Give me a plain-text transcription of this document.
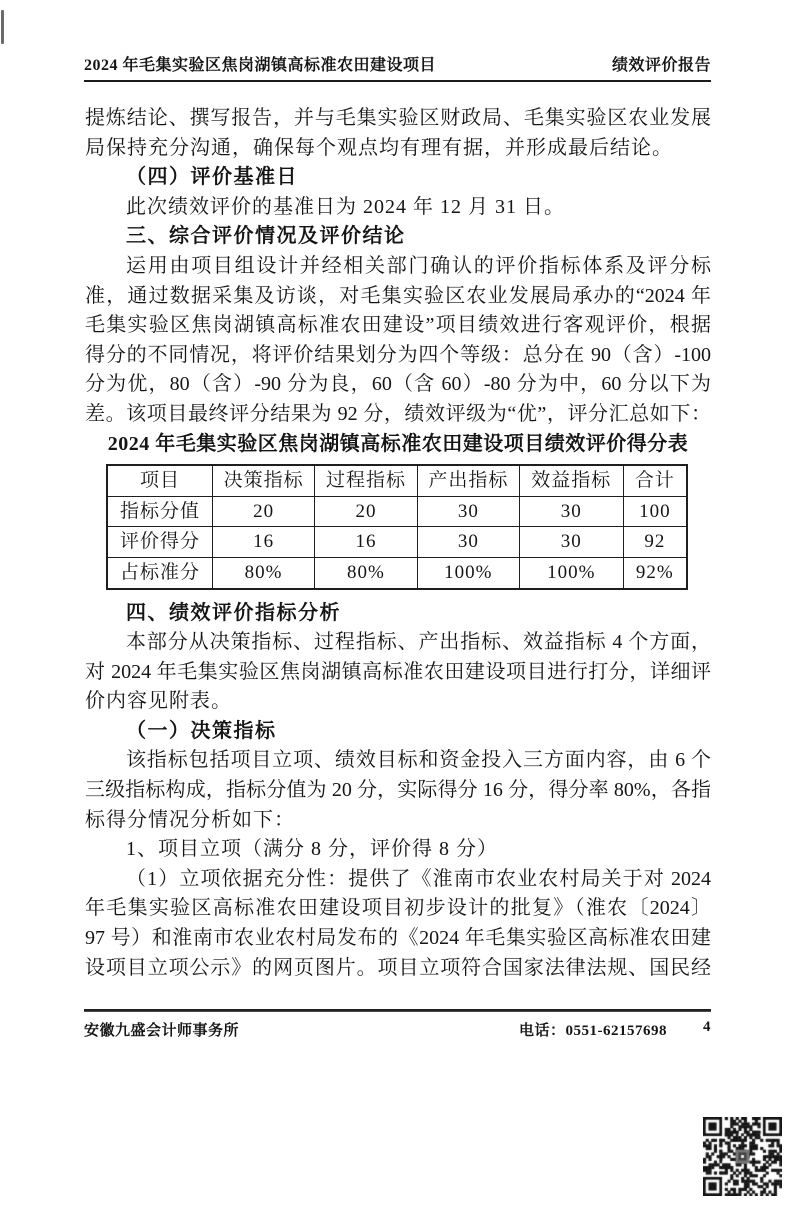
2024 年毛集实验区焦岗湖镇高标准农田建设项目	绩效评价报告
提炼结论、撰写报告，并与毛集实验区财政局、毛集实验区农业发展
局保持充分沟通，确保每个观点均有理有据，并形成最后结论。
（四）评价基准日
此次绩效评价的基准日为 2024 年 12 月 31 日。
三、综合评价情况及评价结论
运用由项目组设计并经相关部门确认的评价指标体系及评分标
准，通过数据采集及访谈，对毛集实验区农业发展局承办的“2024 年
毛集实验区焦岗湖镇高标准农田建设”项目绩效进行客观评价，根据
得分的不同情况，将评价结果划分为四个等级：总分在 90（含）-100
分为优，80（含）-90 分为良，60（含 60）-80 分为中，60 分以下为
差。该项目最终评分结果为 92 分，绩效评级为“优”，评分汇总如下：
2024 年毛集实验区焦岗湖镇高标准农田建设项目绩效评价得分表
项目	决策指标	过程指标	产出指标	效益指标	合计
指标分值	20	20	30	30	100
评价得分	16	16	30	30	92
占标准分	80%	80%	100%	100%	92%
四、绩效评价指标分析
本部分从决策指标、过程指标、产出指标、效益指标 4 个方面，
对 2024 年毛集实验区焦岗湖镇高标准农田建设项目进行打分，详细评
价内容见附表。
（一）决策指标
该指标包括项目立项、绩效目标和资金投入三方面内容，由 6 个
三级指标构成，指标分值为 20 分，实际得分 16 分，得分率 80%，各指
标得分情况分析如下：
1、项目立项（满分 8 分，评价得 8 分）
（1）立项依据充分性：提供了《淮南市农业农村局关于对 2024
年毛集实验区高标准农田建设项目初步设计的批复》（淮农〔2024〕
97 号）和淮南市农业农村局发布的《2024 年毛集实验区高标准农田建
设项目立项公示》的网页图片。项目立项符合国家法律法规、国民经
安徽九盛会计师事务所	电话：0551-62157698 4
